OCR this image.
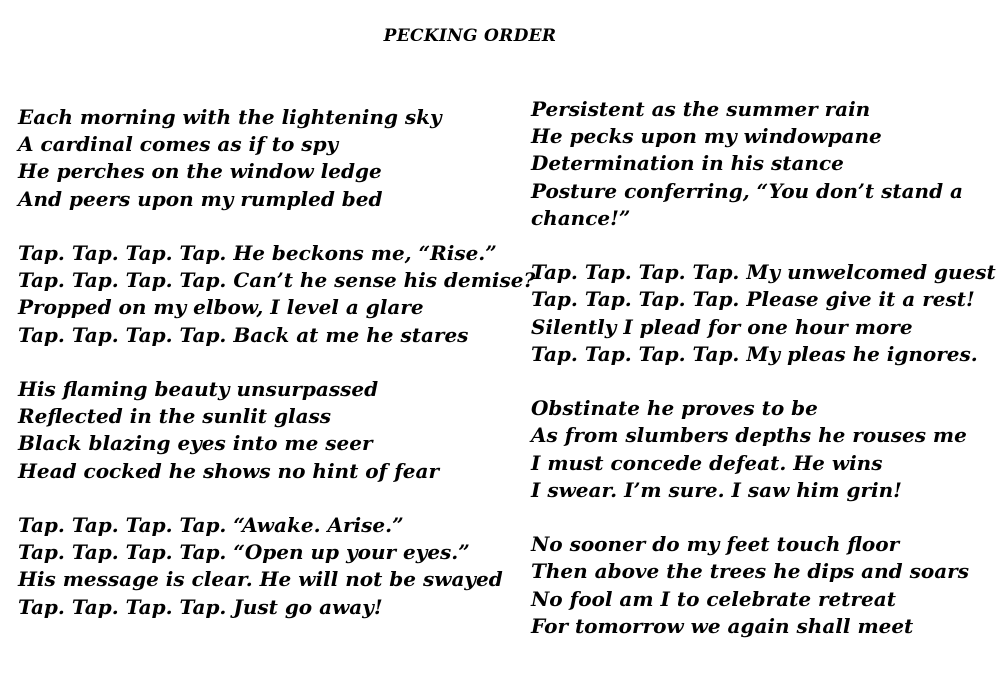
PECKING ORDER
Each morning with the lightening sky
A cardinal comes as if to spy
He perches on the window ledge
And peers upon my rumpled bed
Tap. Tap. Tap. Tap. He beckons me, “Rise.”
Tap. Tap. Tap. Tap. Can’t he sense his demise?
Propped on my elbow, I level a glare
Tap. Tap. Tap. Tap. Back at me he stares
His flaming beauty unsurpassed
Reflected in the sunlit glass
Black blazing eyes into me seer
Head cocked he shows no hint of fear
Tap. Tap. Tap. Tap. “Awake. Arise.”
Tap. Tap. Tap. Tap. “Open up your eyes.”
His message is clear. He will not be swayed
Tap. Tap. Tap. Tap. Just go away!
Persistent as the summer rain
He pecks upon my windowpane
Determination in his stance
Posture conferring, “You don’t stand a
chance!”
Tap. Tap. Tap. Tap. My unwelcomed guest
Tap. Tap. Tap. Tap. Please give it a rest!
Silently I plead for one hour more
Tap. Tap. Tap. Tap. My pleas he ignores.
Obstinate he proves to be
As from slumbers depths he rouses me
I must concede defeat. He wins
I swear. I’m sure. I saw him grin!
No sooner do my feet touch floor
Then above the trees he dips and soars
No fool am I to celebrate retreat
For tomorrow we again shall meet
